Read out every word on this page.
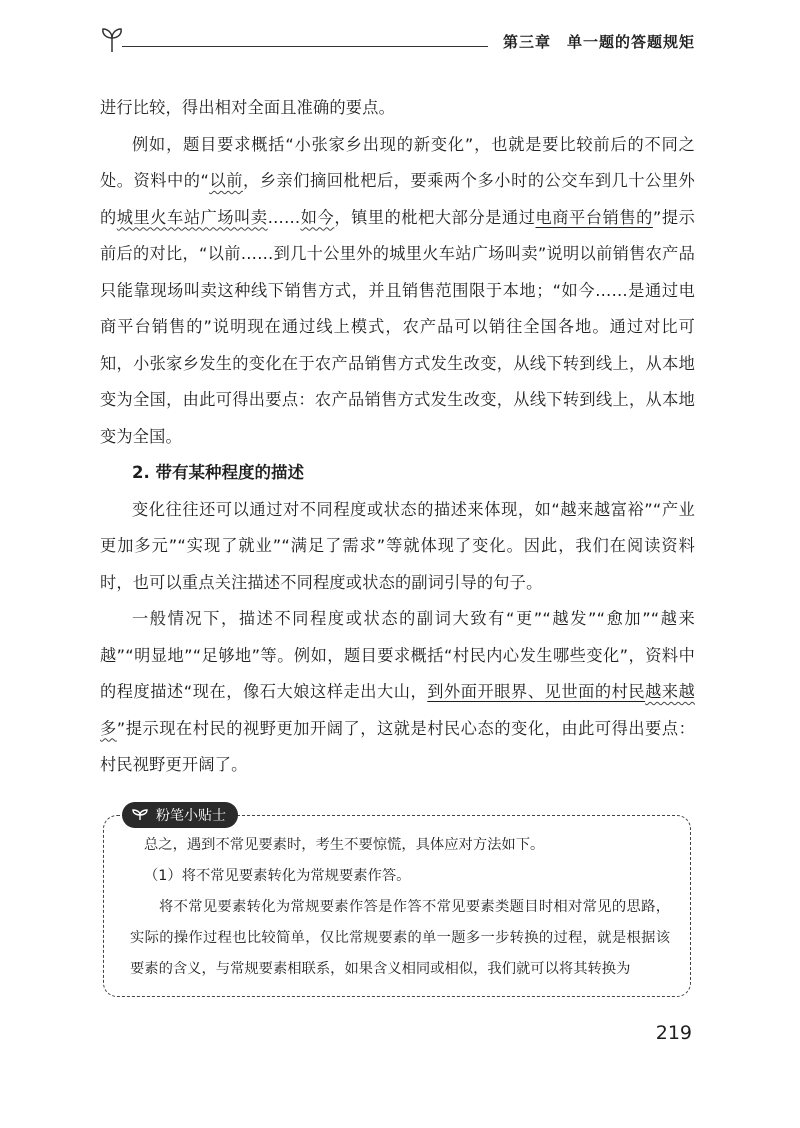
第三章　单一题的答题规矩

进行比较，得出相对全面且准确的要点。

例如，题目要求概括“小张家乡出现的新变化”，也就是要比较前后的不同之处。资料中的“以前，乡亲们摘回枇杷后，要乘两个多小时的公交车到几十公里外的城里火车站广场叫卖……如今，镇里的枇杷大部分是通过电商平台销售的”提示前后的对比，“以前……到几十公里外的城里火车站广场叫卖”说明以前销售农产品只能靠现场叫卖这种线下销售方式，并且销售范围限于本地；“如今……是通过电商平台销售的”说明现在通过线上模式，农产品可以销往全国各地。通过对比可知，小张家乡发生的变化在于农产品销售方式发生改变，从线下转到线上，从本地变为全国，由此可得出要点：农产品销售方式发生改变，从线下转到线上，从本地变为全国。

2. 带有某种程度的描述

变化往往还可以通过对不同程度或状态的描述来体现，如“越来越富裕”“产业更加多元”“实现了就业”“满足了需求”等就体现了变化。因此，我们在阅读资料时，也可以重点关注描述不同程度或状态的副词引导的句子。

一般情况下，描述不同程度或状态的副词大致有“更”“越发”“愈加”“越来越”“明显地”“足够地”等。例如，题目要求概括“村民内心发生哪些变化”，资料中的程度描述“现在，像石大娘这样走出大山，到外面开眼界、见世面的村民越来越多”提示现在村民的视野更加开阔了，这就是村民心态的变化，由此可得出要点：村民视野更开阔了。

粉笔小贴士

总之，遇到不常见要素时，考生不要惊慌，具体应对方法如下。

（1）将不常见要素转化为常规要素作答。

将不常见要素转化为常规要素作答是作答不常见要素类题目时相对常见的思路，实际的操作过程也比较简单，仅比常规要素的单一题多一步转换的过程，就是根据该要素的含义，与常规要素相联系，如果含义相同或相似，我们就可以将其转换为

219
